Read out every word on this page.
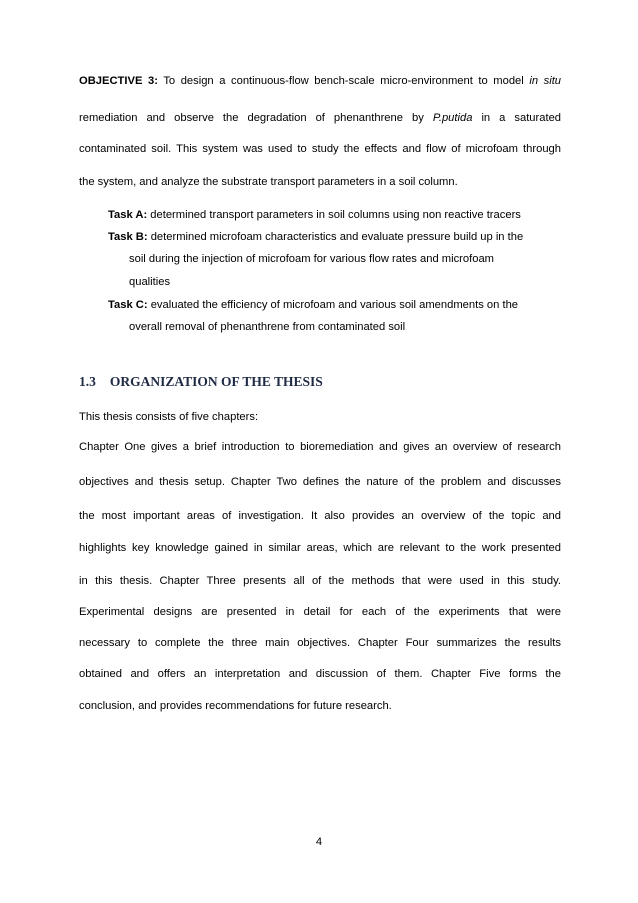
OBJECTIVE 3: To design a continuous-flow bench-scale micro-environment to model in situ
remediation and observe the degradation of phenanthrene by P.putida in a saturated
contaminated soil. This system was used to study the effects and flow of microfoam through
the system, and analyze the substrate transport parameters in a soil column.
Task A: determined transport parameters in soil columns using non reactive tracers
Task B: determined microfoam characteristics and evaluate pressure build up in the
soil during the injection of microfoam for various flow rates and microfoam
qualities
Task C: evaluated the efficiency of microfoam and various soil amendments on the
overall removal of phenanthrene from contaminated soil
1.3 ORGANIZATION OF THE THESIS
This thesis consists of five chapters:
Chapter One gives a brief introduction to bioremediation and gives an overview of research
objectives and thesis setup. Chapter Two defines the nature of the problem and discusses
the most important areas of investigation. It also provides an overview of the topic and
highlights key knowledge gained in similar areas, which are relevant to the work presented
in this thesis. Chapter Three presents all of the methods that were used in this study.
Experimental designs are presented in detail for each of the experiments that were
necessary to complete the three main objectives. Chapter Four summarizes the results
obtained and offers an interpretation and discussion of them. Chapter Five forms the
conclusion, and provides recommendations for future research.
4
